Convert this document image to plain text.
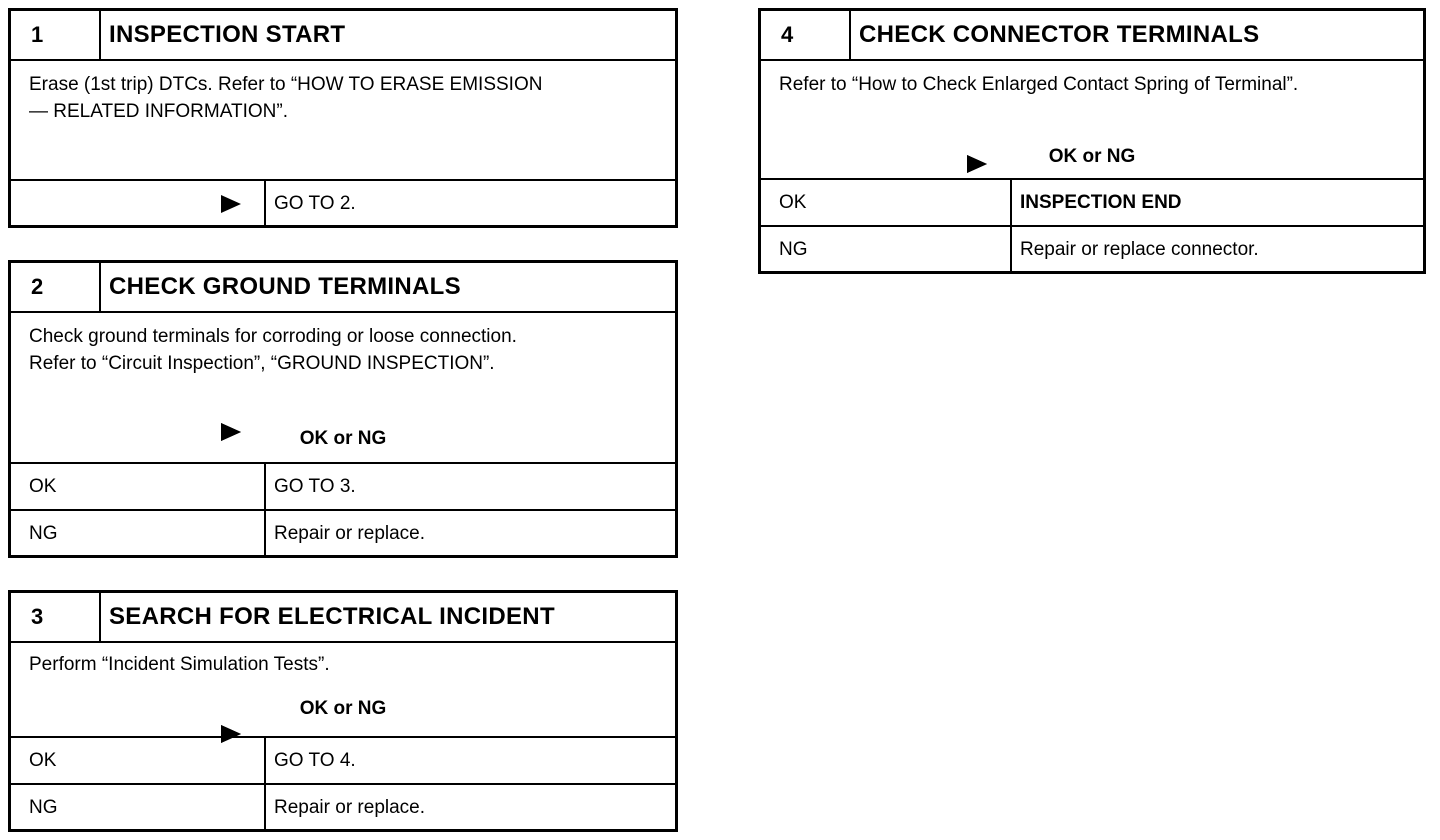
1	INSPECTION START
Erase (1st trip) DTCs. Refer to “HOW TO ERASE EMISSION
— RELATED INFORMATION”.
GO TO 2.
2	CHECK GROUND TERMINALS
Check ground terminals for corroding or loose connection.
Refer to “Circuit Inspection”, “GROUND INSPECTION”.
OK or NG
OK	GO TO 3.
NG	Repair or replace.
3	SEARCH FOR ELECTRICAL INCIDENT
Perform “Incident Simulation Tests”.
OK or NG
OK	GO TO 4.
NG	Repair or replace.
4	CHECK CONNECTOR TERMINALS
Refer to “How to Check Enlarged Contact Spring of Terminal”.
OK or NG
OK	INSPECTION END
NG	Repair or replace connector.
